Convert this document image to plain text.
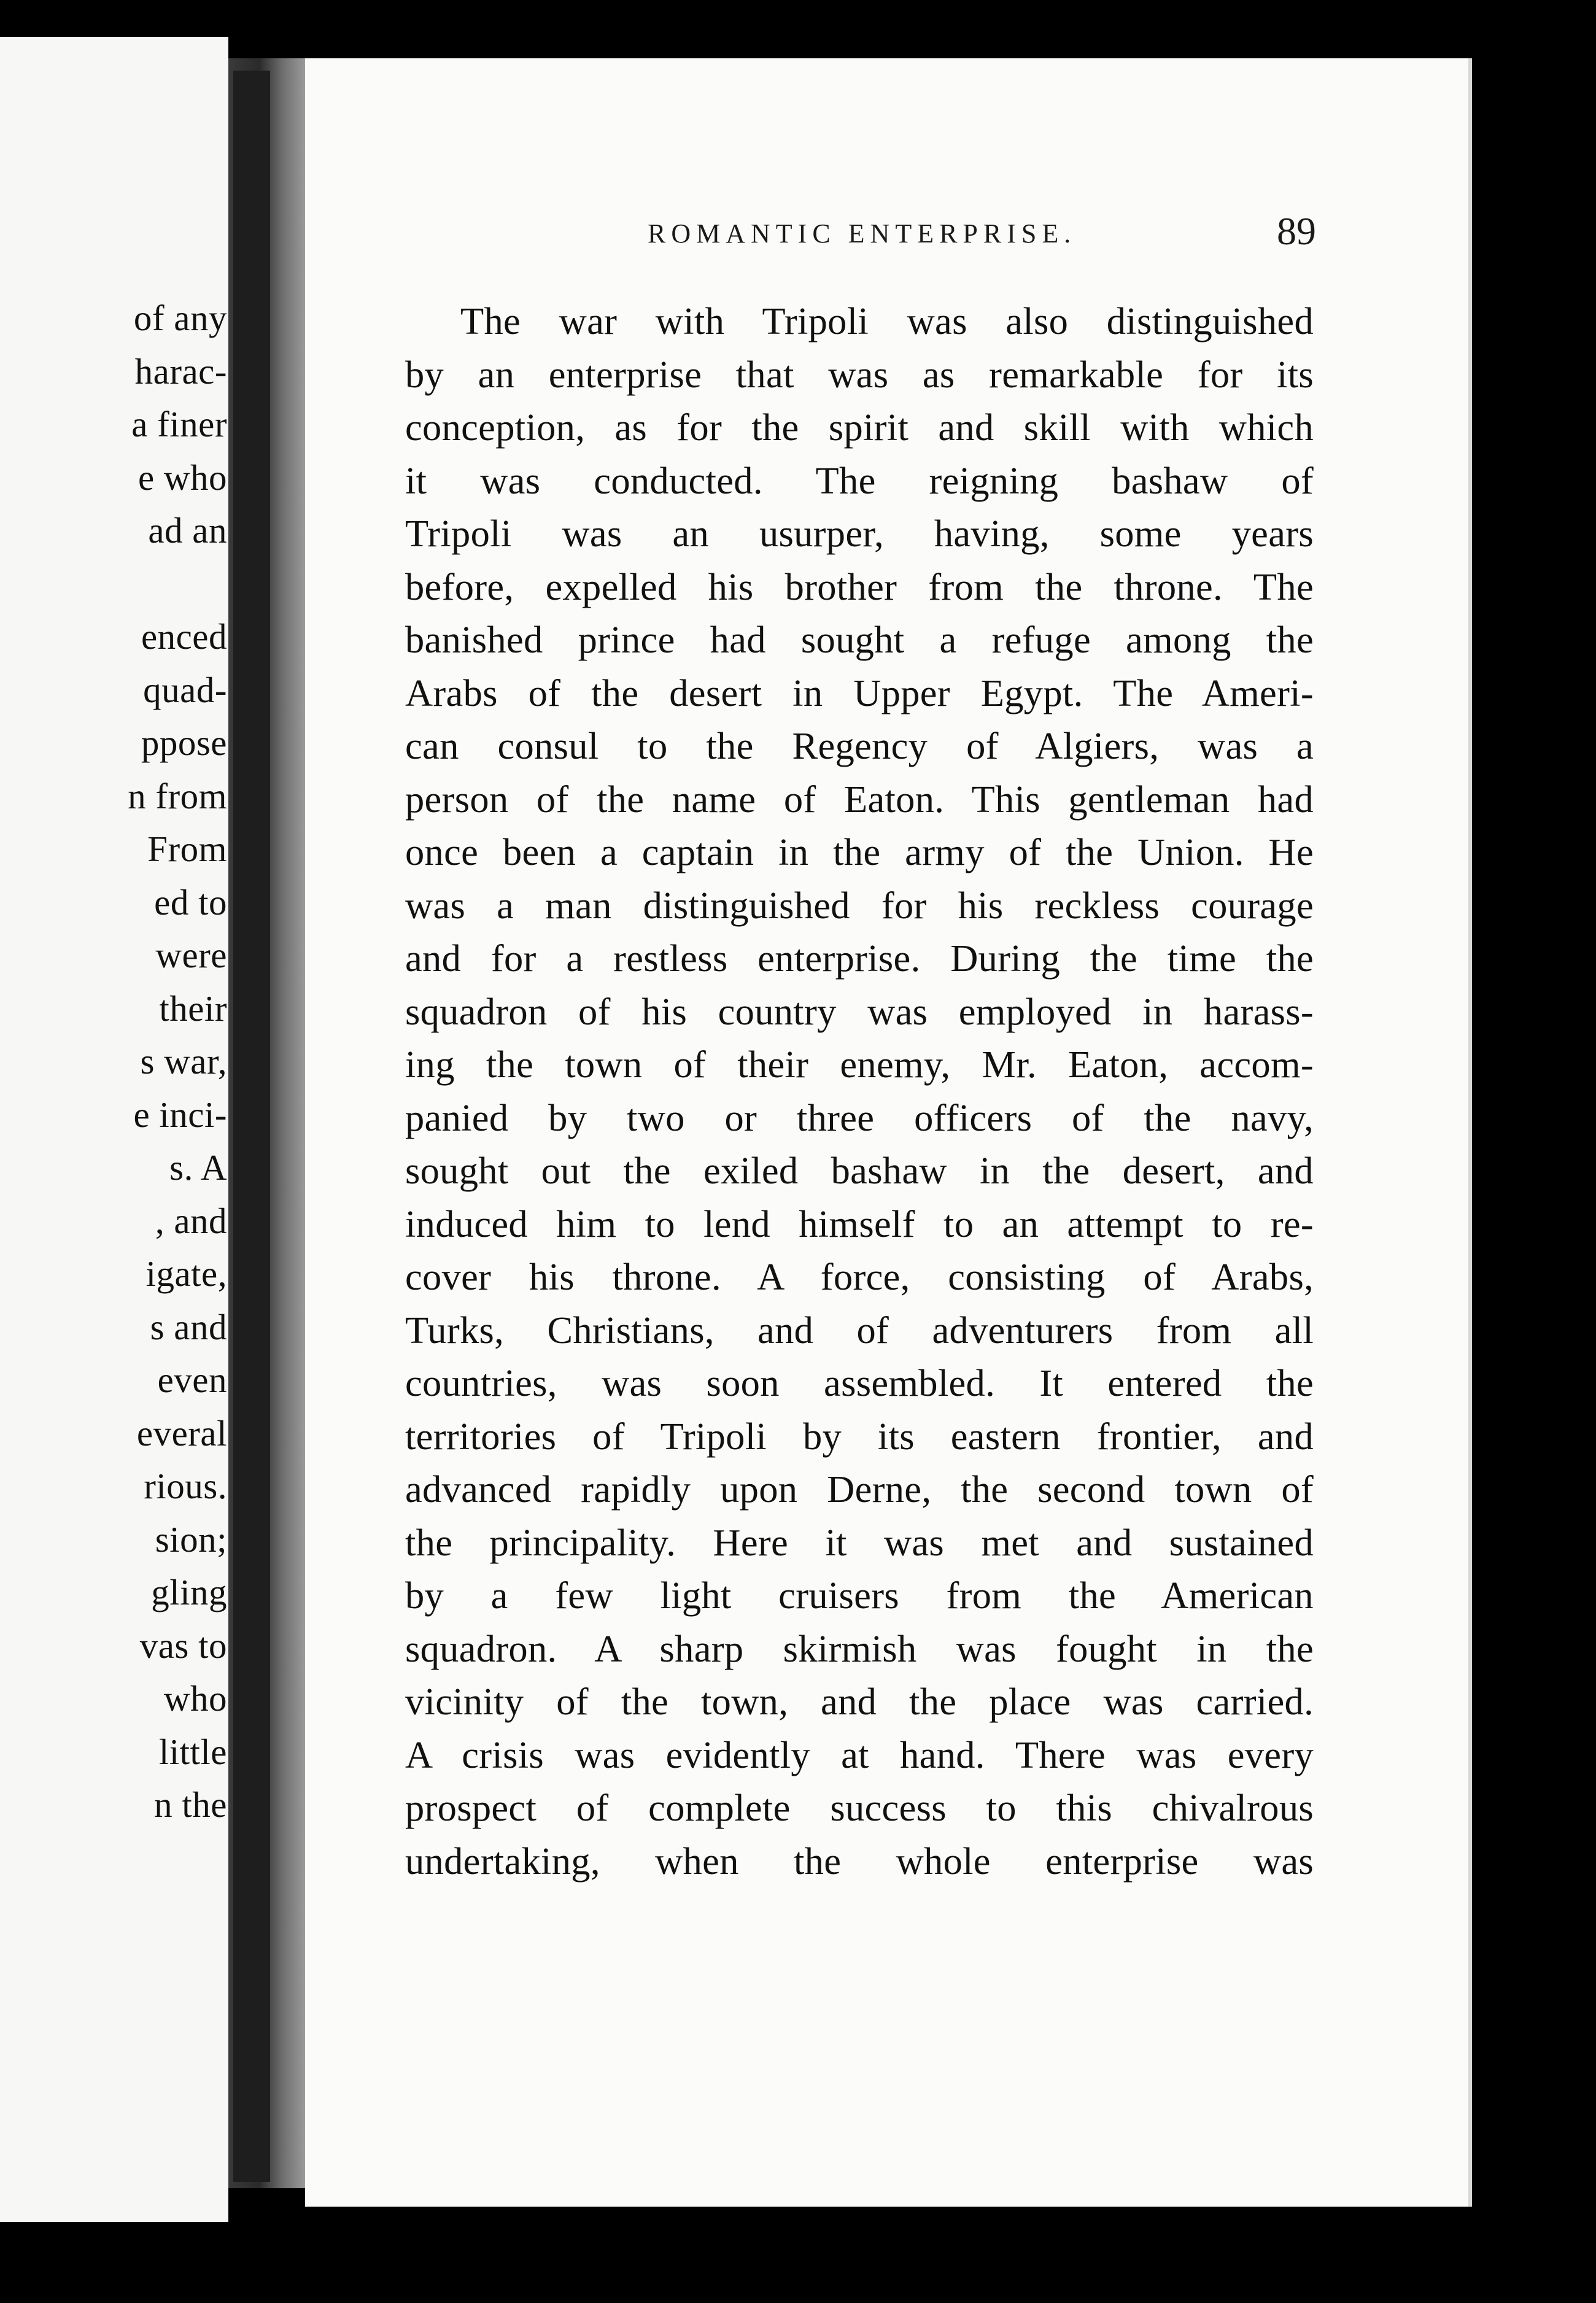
of any
harac-
a finer
e who
ad an
enced
quad-
ppose
n from
From
ed to
were
their
s war,
e inci-
s. A
, and
igate,
s and
even
everal
rious.
sion;
gling
vas to
who
little
n the
ROMANTIC ENTERPRISE.	89
The war with Tripoli was also distinguished
by an enterprise that was as remarkable for its
conception, as for the spirit and skill with which
it was conducted. The reigning bashaw of
Tripoli was an usurper, having, some years
before, expelled his brother from the throne. The
banished prince had sought a refuge among the
Arabs of the desert in Upper Egypt. The Ameri-
can consul to the Regency of Algiers, was a
person of the name of Eaton. This gentleman had
once been a captain in the army of the Union. He
was a man distinguished for his reckless courage
and for a restless enterprise. During the time the
squadron of his country was employed in harass-
ing the town of their enemy, Mr. Eaton, accom-
panied by two or three officers of the navy,
sought out the exiled bashaw in the desert, and
induced him to lend himself to an attempt to re-
cover his throne. A force, consisting of Arabs,
Turks, Christians, and of adventurers from all
countries, was soon assembled. It entered the
territories of Tripoli by its eastern frontier, and
advanced rapidly upon Derne, the second town of
the principality. Here it was met and sustained
by a few light cruisers from the American
squadron. A sharp skirmish was fought in the
vicinity of the town, and the place was carried.
A crisis was evidently at hand. There was every
prospect of complete success to this chivalrous
undertaking, when the whole enterprise was
